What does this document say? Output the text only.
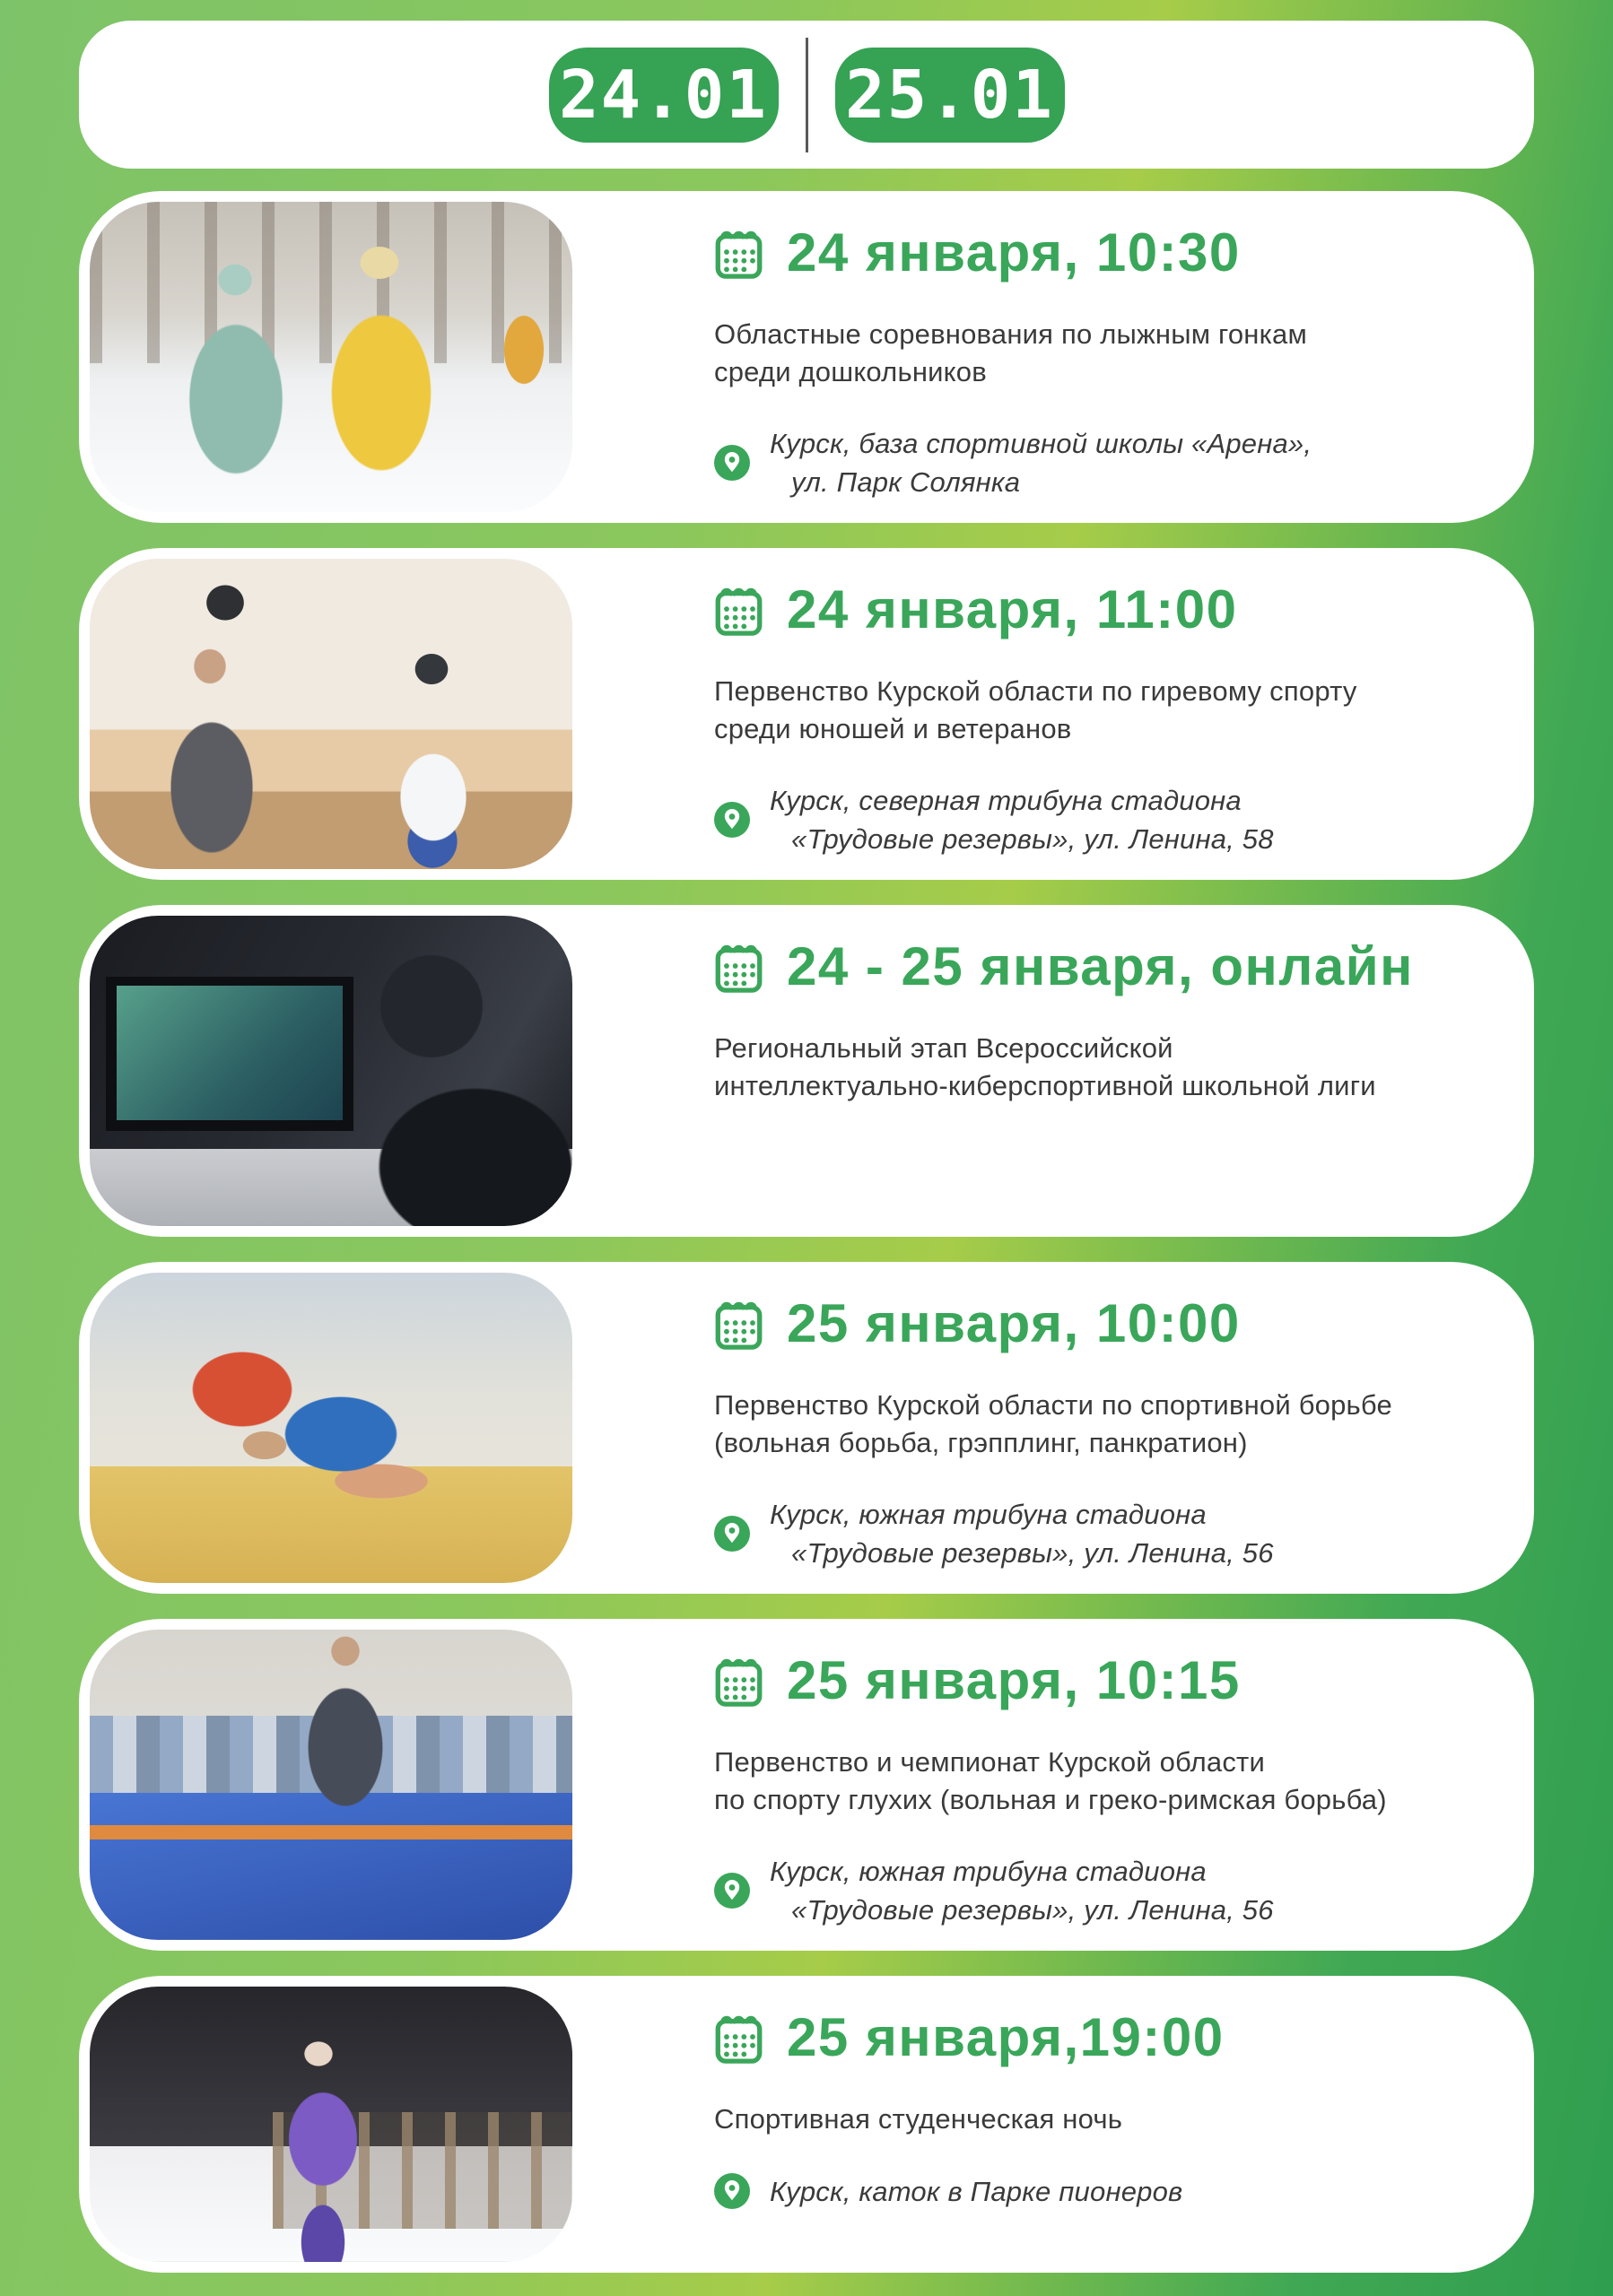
24.01 25.01
24 января, 10:30

Областные соревнования по лыжным гонкам
среди дошкольников

Курск, база спортивной школы «Арена»,
ул. Парк Солянка

24 января, 11:00

Первенство Курской области по гиревому спорту
среди юношей и ветеранов

Курск, северная трибуна стадиона
«Трудовые резервы», ул. Ленина, 58

24 - 25 января, онлайн

Региональный этап Всероссийской
интеллектуально-киберспортивной школьной лиги

25 января, 10:00

Первенство Курской области по спортивной борьбе
(вольная борьба, грэпплинг, панкратион)

Курск, южная трибуна стадиона
«Трудовые резервы», ул. Ленина, 56

25 января, 10:15

Первенство и чемпионат Курской области
по спорту глухих (вольная и греко-римская борьба)

Курск, южная трибуна стадиона
«Трудовые резервы», ул. Ленина, 56

25 января,19:00

Спортивная студенческая ночь

Курск, каток в Парке пионеров
